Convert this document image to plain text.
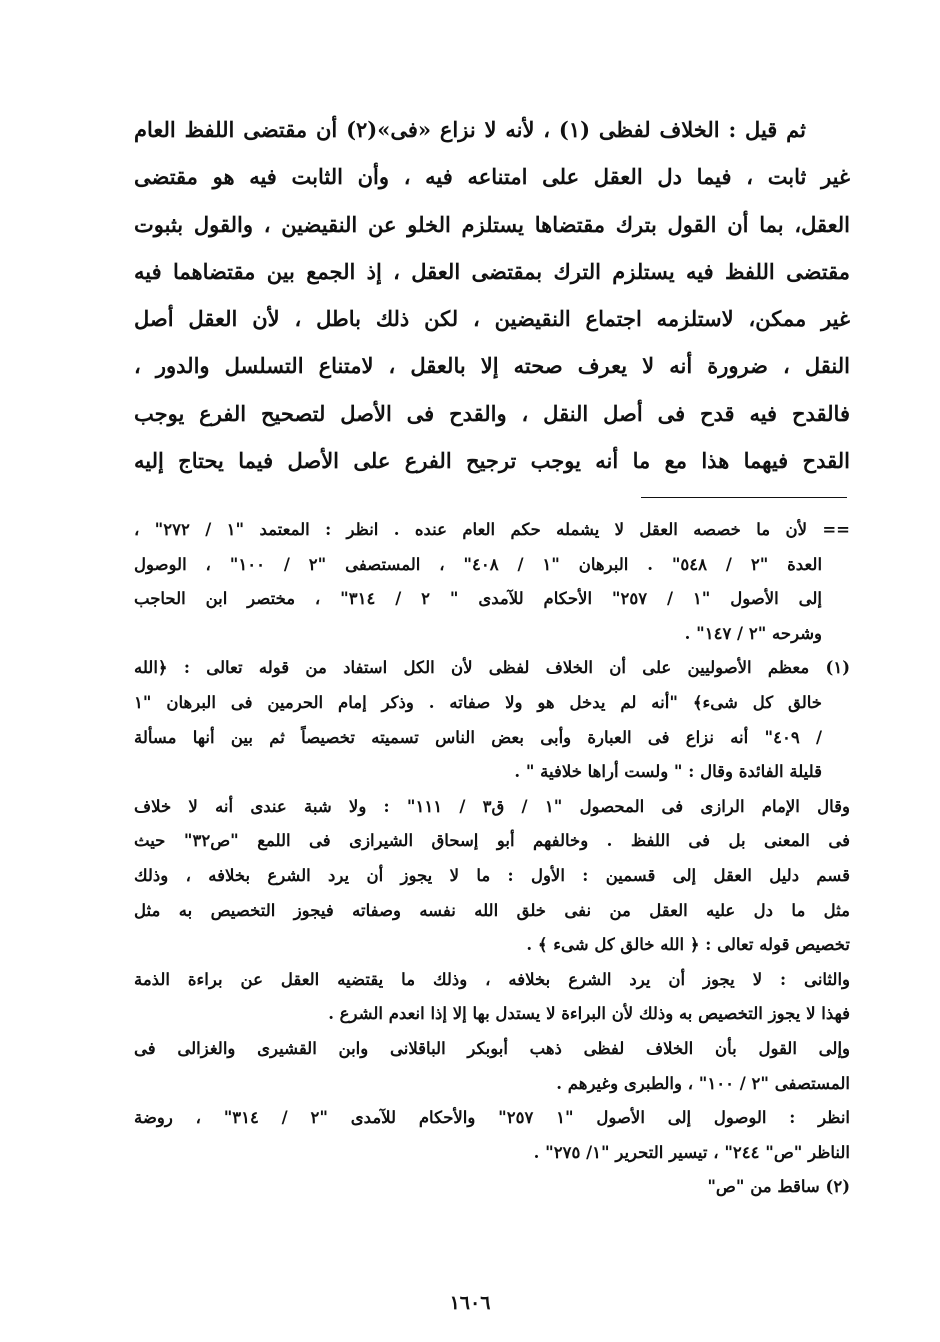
ثم قيل : الخلاف لفظى (١) ، لأنه لا نزاع «فى»(٢) أن مقتضى اللفظ العام
غير ثابت ، فيما دل العقل على امتناعه فيه ، وأن الثابت فيه هو مقتضى
العقل، بما أن القول بترك مقتضاها يستلزم الخلو عن النقيضين ، والقول بثبوت
مقتضى اللفظ فيه يستلزم الترك بمقتضى العقل ، إذ الجمع بين مقتضاهما فيه
غير ممكن، لاستلزمه اجتماع النقيضين ، لكن ذلك باطل ، لأن العقل أصل
النقل ، ضرورة أنه لا يعرف صحته إلا بالعقل ، لامتناع التسلسل والدور ،
فالقدح فيه قدح فى أصل النقل ، والقدح فى الأصل لتصحيح الفرع يوجب
القدح فيهما هذا مع ما أنه يوجب ترجيح الفرع على الأصل فيما يحتاج إليه
== لأن ما خصصه العقل لا يشمله حكم العام عنده . انظر : المعتمد "١ / ٢٧٢" ،
العدة "٢ / ٥٤٨" . البرهان "١ / ٤٠٨" ، المستصفى "٢ / ١٠٠" ، الوصول
إلى الأصول "١ / ٢٥٧" الأحكام للآمدى " ٢ / ٣١٤" ، مختصر ابن الحاجب
وشرحه "٢ / ١٤٧" .
(١) معظم الأصوليين على أن الخلاف لفظى لأن الكل استفاد من قوله تعالى : ﴿الله
خالق كل شىء﴾ "أنه لم يدخل هو ولا صفاته . وذكر إمام الحرمين فى البرهان "١
/ ٤٠٩" أنه نزاع فى العبارة وأبى بعض الناس تسميته تخصيصاً ثم بين أنها مسألة
قليلة الفائدة وقال : " ولست أراها خلافية " .
وقال الإمام الرازى فى المحصول "١ / ق٣ / ١١١" : ولا شبة عندى أنه لا خلاف
فى المعنى بل فى اللفظ . وخالفهم أبو إسحاق الشيرازى فى اللمع "ص٣٢" حيث
قسم دليل العقل إلى قسمين : الأول : ما لا يجوز أن يرد الشرع بخلافه ، وذلك
مثل ما دل عليه العقل من نفى خلق الله نفسه وصفاته فيجوز التخصيص به مثل
تخصيص قوله تعالى : ﴿ الله خالق كل شىء ﴾ .
والثانى : لا يجوز أن يرد الشرع بخلافه ، وذلك ما يقتضيه العقل عن براءة الذمة
فهذا لا يجوز التخصيص به وذلك لأن البراءة لا يستدل بها إلا إذا انعدم الشرع .
وإلى القول بأن الخلاف لفظى ذهب أبوبكر الباقلانى وابن القشيرى والغزالى فى
المستصفى "٢ / ١٠٠" ، والطبرى وغيرهم .
انظر : الوصول إلى الأصول "١ ٢٥٧" والأحكام للآمدى "٢ / ٣١٤" ، روضة
الناظر "ص" ٢٤٤" ، تيسير التحرير "١/ ٢٧٥" .
(٢) ساقط من "ص"
١٦٠٦
